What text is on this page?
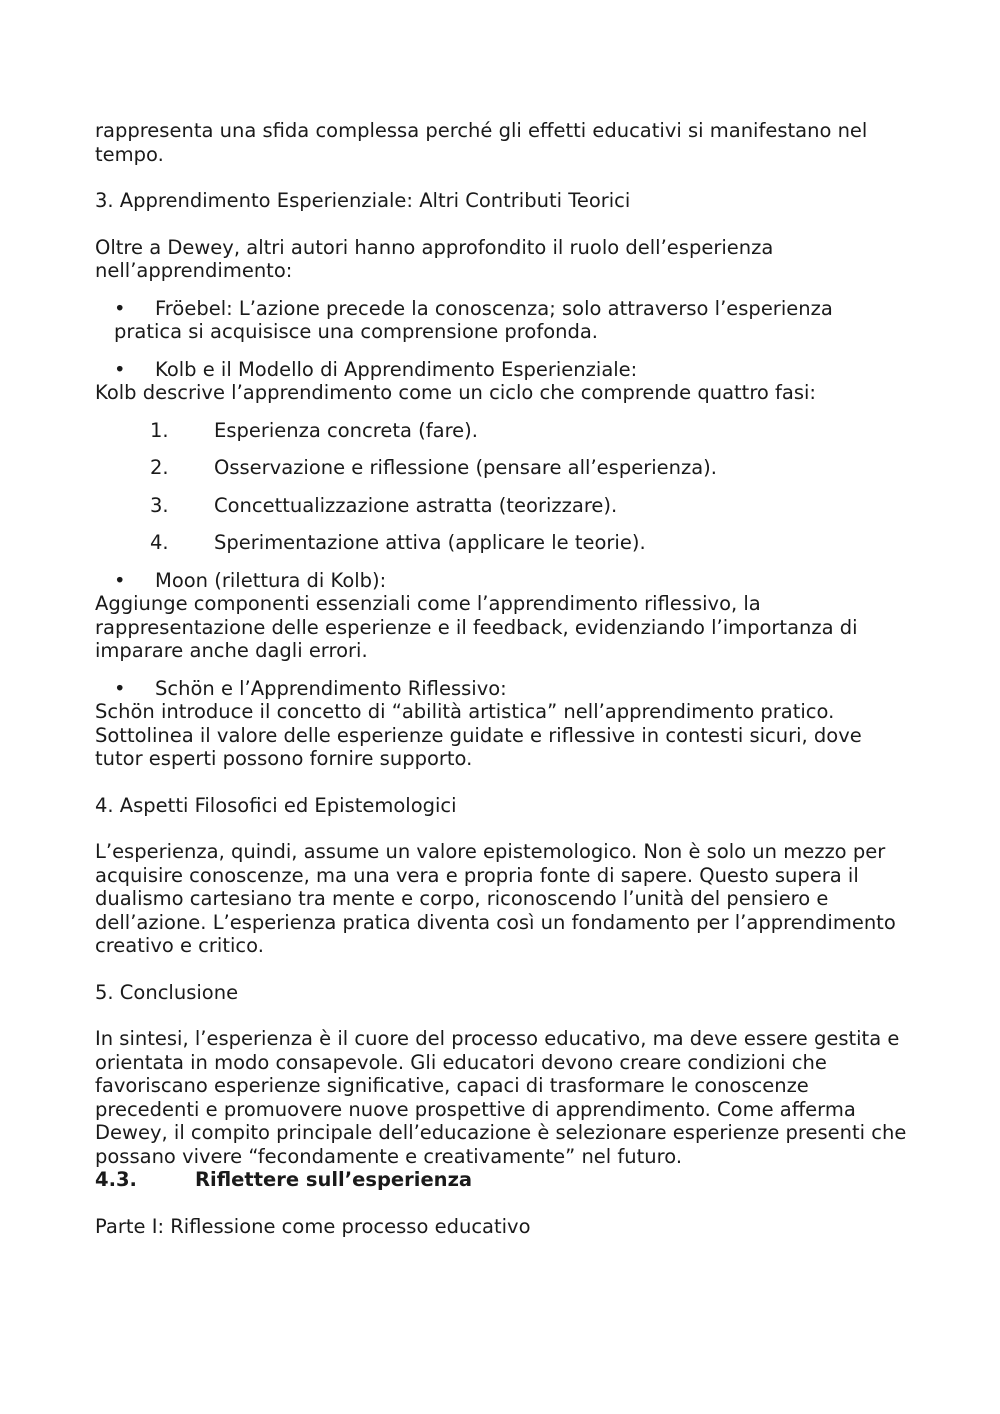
rappresenta una sfida complessa perché gli effetti educativi si manifestano nel tempo.

3. Apprendimento Esperienziale: Altri Contributi Teorici

Oltre a Dewey, altri autori hanno approfondito il ruolo dell’esperienza nell’apprendimento:

• Fröebel: L’azione precede la conoscenza; solo attraverso l’esperienza

pratica si acquisisce una comprensione profonda.

• Kolb e il Modello di Apprendimento Esperienziale:

Kolb descrive l’apprendimento come un ciclo che comprende quattro fasi:

1. Esperienza concreta (fare).

2. Osservazione e riflessione (pensare all’esperienza).

3. Concettualizzazione astratta (teorizzare).

4. Sperimentazione attiva (applicare le teorie).

• Moon (rilettura di Kolb):

Aggiunge componenti essenziali come l’apprendimento riflessivo, la rappresentazione delle esperienze e il feedback, evidenziando l’importanza di imparare anche dagli errori.

• Schön e l’Apprendimento Riflessivo:

Schön introduce il concetto di “abilità artistica” nell’apprendimento pratico. Sottolinea il valore delle esperienze guidate e riflessive in contesti sicuri, dove tutor esperti possono fornire supporto.

4. Aspetti Filosofici ed Epistemologici

L’esperienza, quindi, assume un valore epistemologico. Non è solo un mezzo per acquisire conoscenze, ma una vera e propria fonte di sapere. Questo supera il dualismo cartesiano tra mente e corpo, riconoscendo l’unità del pensiero e dell’azione. L’esperienza pratica diventa così un fondamento per l’apprendimento creativo e critico.

5. Conclusione

In sintesi, l’esperienza è il cuore del processo educativo, ma deve essere gestita e orientata in modo consapevole. Gli educatori devono creare condizioni che favoriscano esperienze significative, capaci di trasformare le conoscenze precedenti e promuovere nuove prospettive di apprendimento. Come afferma Dewey, il compito principale dell’educazione è selezionare esperienze presenti che possano vivere “fecondamente e creativamente” nel futuro.

4.3.	Riflettere sull’esperienza

Parte I: Riflessione come processo educativo
